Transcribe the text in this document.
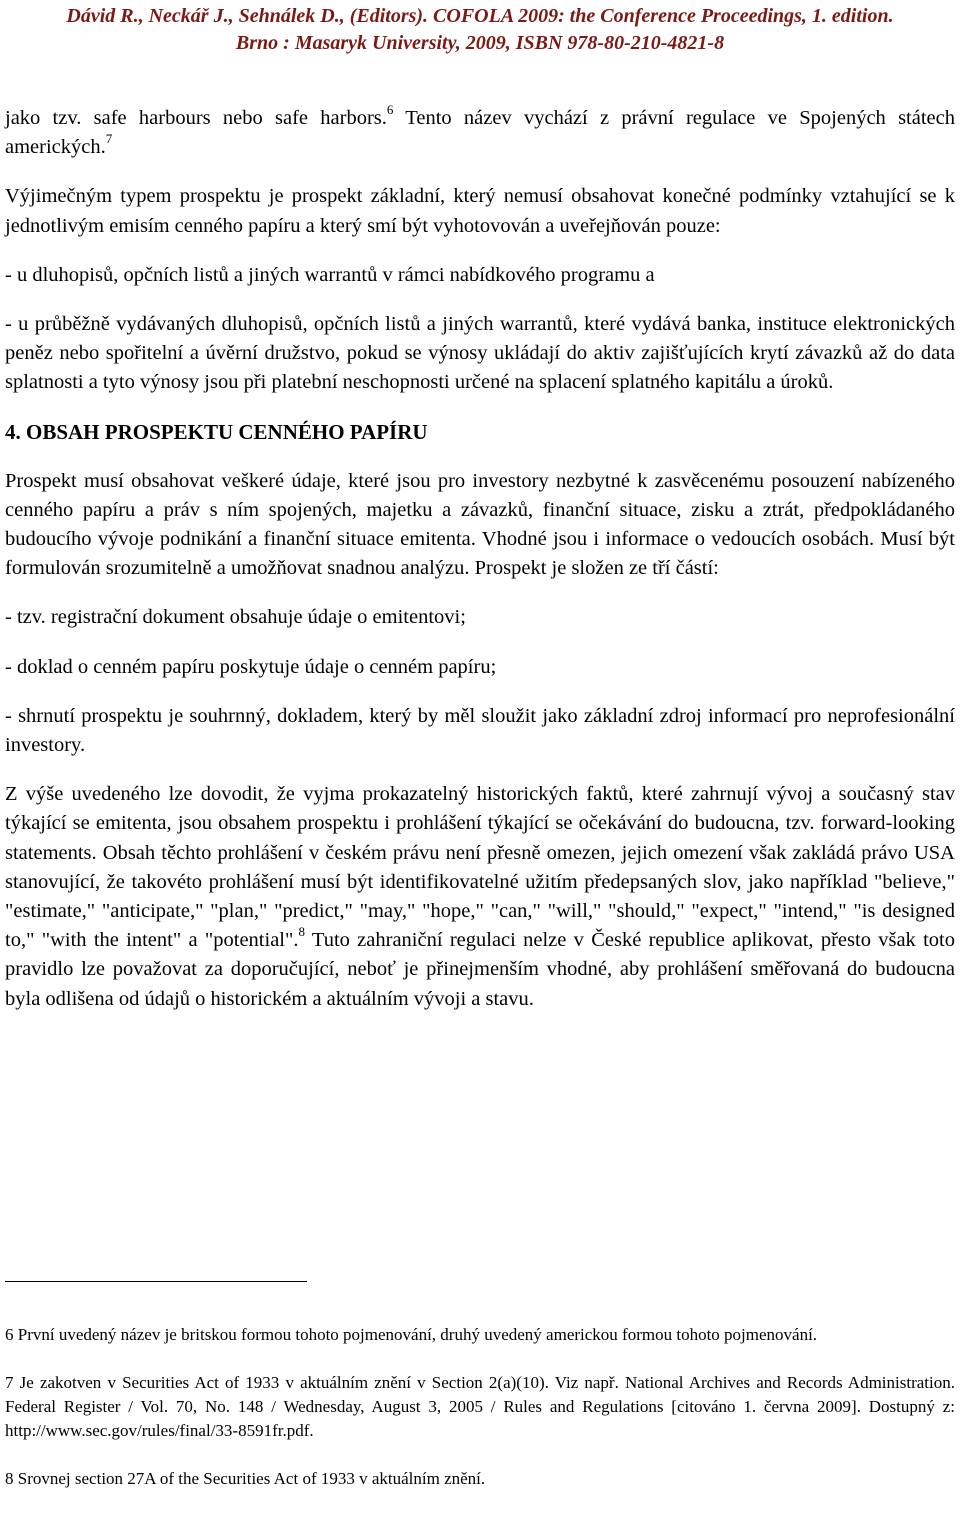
Dávid R., Neckář J., Sehnálek D., (Editors). COFOLA 2009: the Conference Proceedings, 1. edition.
Brno : Masaryk University, 2009, ISBN 978-80-210-4821-8

jako tzv. safe harbours nebo safe harbors.$^6$ Tento název vychází z právní regulace ve Spojených státech amerických.$^7$

Výjimečným typem prospektu je prospekt základní, který nemusí obsahovat konečné podmínky vztahující se k jednotlivým emisím cenného papíru a který smí být vyhotovován a uveřejňován pouze:

- u dluhopisů, opčních listů a jiných warrantů v rámci nabídkového programu a

- u průběžně vydávaných dluhopisů, opčních listů a jiných warrantů, které vydává banka, instituce elektronických peněz nebo spořitelní a úvěrní družstvo, pokud se výnosy ukládají do aktiv zajišťujících krytí závazků až do data splatnosti a tyto výnosy jsou při platební neschopnosti určené na splacení splatného kapitálu a úroků.

4. OBSAH PROSPEKTU CENNÉHO PAPÍRU

Prospekt musí obsahovat veškeré údaje, které jsou pro investory nezbytné k zasvěcenému posouzení nabízeného cenného papíru a práv s ním spojených, majetku a závazků, finanční situace, zisku a ztrát, předpokládaného budoucího vývoje podnikání a finanční situace emitenta. Vhodné jsou i informace o vedoucích osobách. Musí být formulován srozumitelně a umožňovat snadnou analýzu. Prospekt je složen ze tří částí:

- tzv. registrační dokument obsahuje údaje o emitentovi;

- doklad o cenném papíru poskytuje údaje o cenném papíru;

- shrnutí prospektu je souhrnný, dokladem, který by měl sloužit jako základní zdroj informací pro neprofesionální investory.

Z výše uvedeného lze dovodit, že vyjma prokazatelný historických faktů, které zahrnují vývoj a současný stav týkající se emitenta, jsou obsahem prospektu i prohlášení týkající se očekávání do budoucna, tzv. forward-looking statements. Obsah těchto prohlášení v českém právu není přesně omezen, jejich omezení však zakládá právo USA stanovující, že takovéto prohlášení musí být identifikovatelné užitím předepsaných slov, jako například "believe," "estimate," "anticipate," "plan," "predict," "may," "hope," "can," "will," "should," "expect," "intend," "is designed to," "with the intent" a "potential".$^8$ Tuto zahraniční regulaci nelze v České republice aplikovat, přesto však toto pravidlo lze považovat za doporučující, neboť je přinejmenším vhodné, aby prohlášení směřovaná do budoucna byla odlišena od údajů o historickém a aktuálním vývoji a stavu.

6 První uvedený název je britskou formou tohoto pojmenování, druhý uvedený americkou formou tohoto pojmenování.

7 Je zakotven v Securities Act of 1933 v aktuálním znění v Section 2(a)(10). Viz např. National Archives and Records Administration. Federal Register / Vol. 70, No. 148 / Wednesday, August 3, 2005 / Rules and Regulations [citováno 1. června 2009]. Dostupný z: http://www.sec.gov/rules/final/33-8591fr.pdf.

8 Srovnej section 27A of the Securities Act of 1933 v aktuálním znění.
